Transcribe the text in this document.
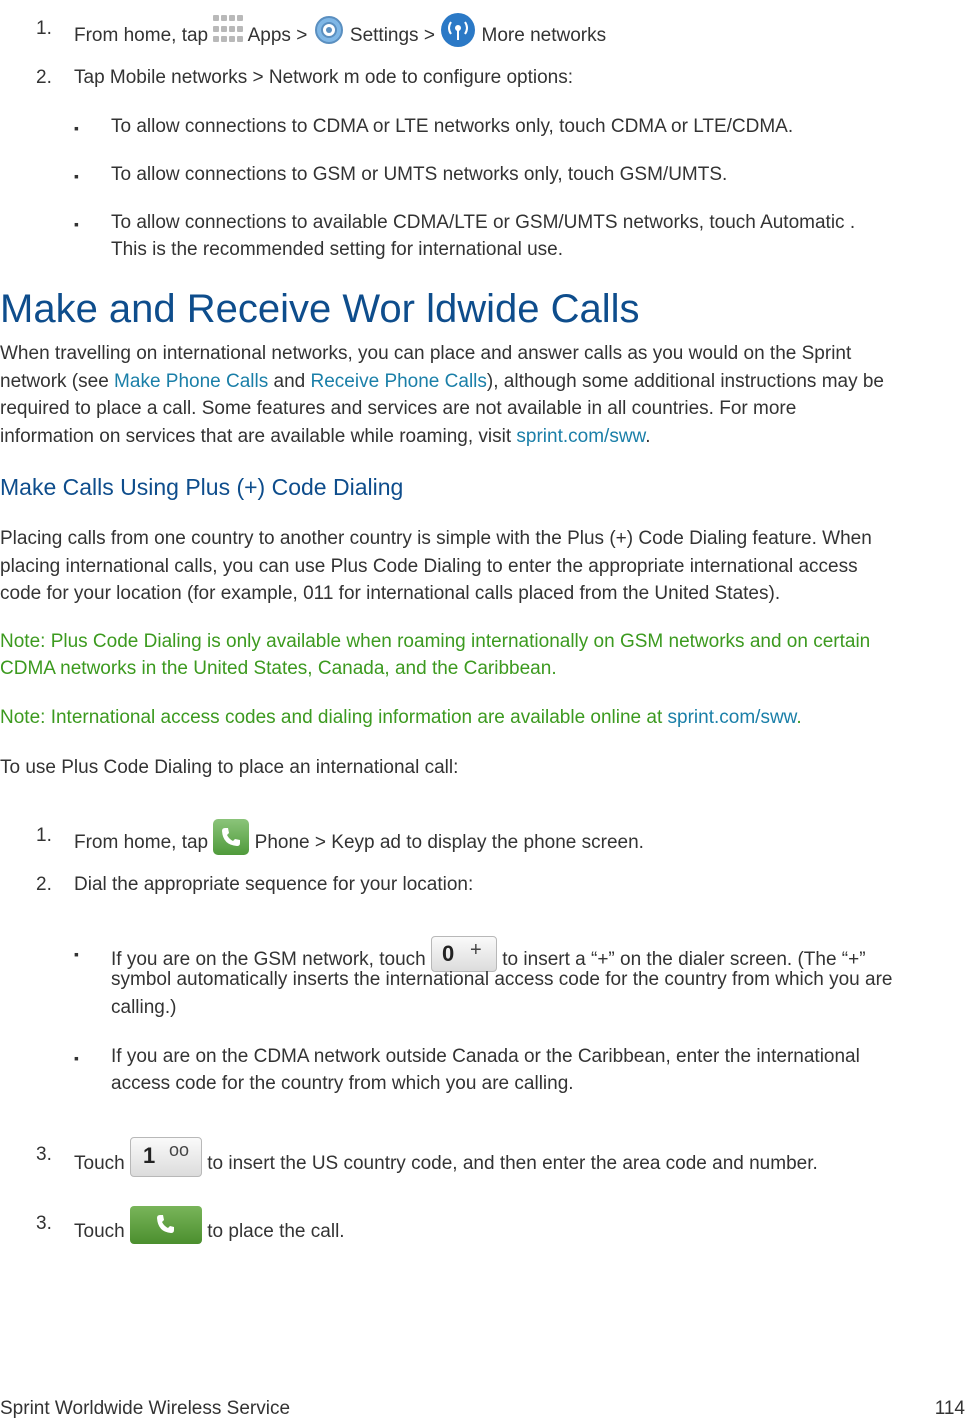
1. From home, tap Apps > Settings > More networks
2. Tap Mobile networks > Network m ode to configure options:
▪ To allow connections to CDMA or LTE networks only, touch CDMA or LTE/CDMA.
▪ To allow connections to GSM or UMTS networks only, touch GSM/UMTS.
▪ To allow connections to available CDMA/LTE or GSM/UMTS networks, touch Automatic .
This is the recommended setting for international use.
Make and Receive Wor ldwide Calls
When travelling on international networks, you can place and answer calls as you would on the Sprint
network (see Make Phone Calls and Receive Phone Calls), although some additional instructions may be
required to place a call. Some features and services are not available in all countries. For more
information on services that are available while roaming, visit sprint.com/sww.
Make Calls Using Plus (+) Code Dialing
Placing calls from one country to another country is simple with the Plus (+) Code Dialing feature. When
placing international calls, you can use Plus Code Dialing to enter the appropriate international access
code for your location (for example, 011 for international calls placed from the United States).
Note: Plus Code Dialing is only available when roaming internationally on GSM networks and on certain
CDMA networks in the United States, Canada, and the Caribbean.
Note: International access codes and dialing information are available online at sprint.com/sww.
To use Plus Code Dialing to place an international call:
1. From home, tap Phone > Keyp ad to display the phone screen.
2. Dial the appropriate sequence for your location:
▪ If you are on the GSM network, touch 0 + to insert a “+” on the dialer screen. (The “+”
symbol automatically inserts the international access code for the country from which you are
calling.)
▪ If you are on the CDMA network outside Canada or the Caribbean, enter the international
access code for the country from which you are calling.
3. Touch 1 oo
to insert the US country code, and then enter the area code and number.
3. Touch	to place the call.
Sprint Worldwide Wireless Service	114
